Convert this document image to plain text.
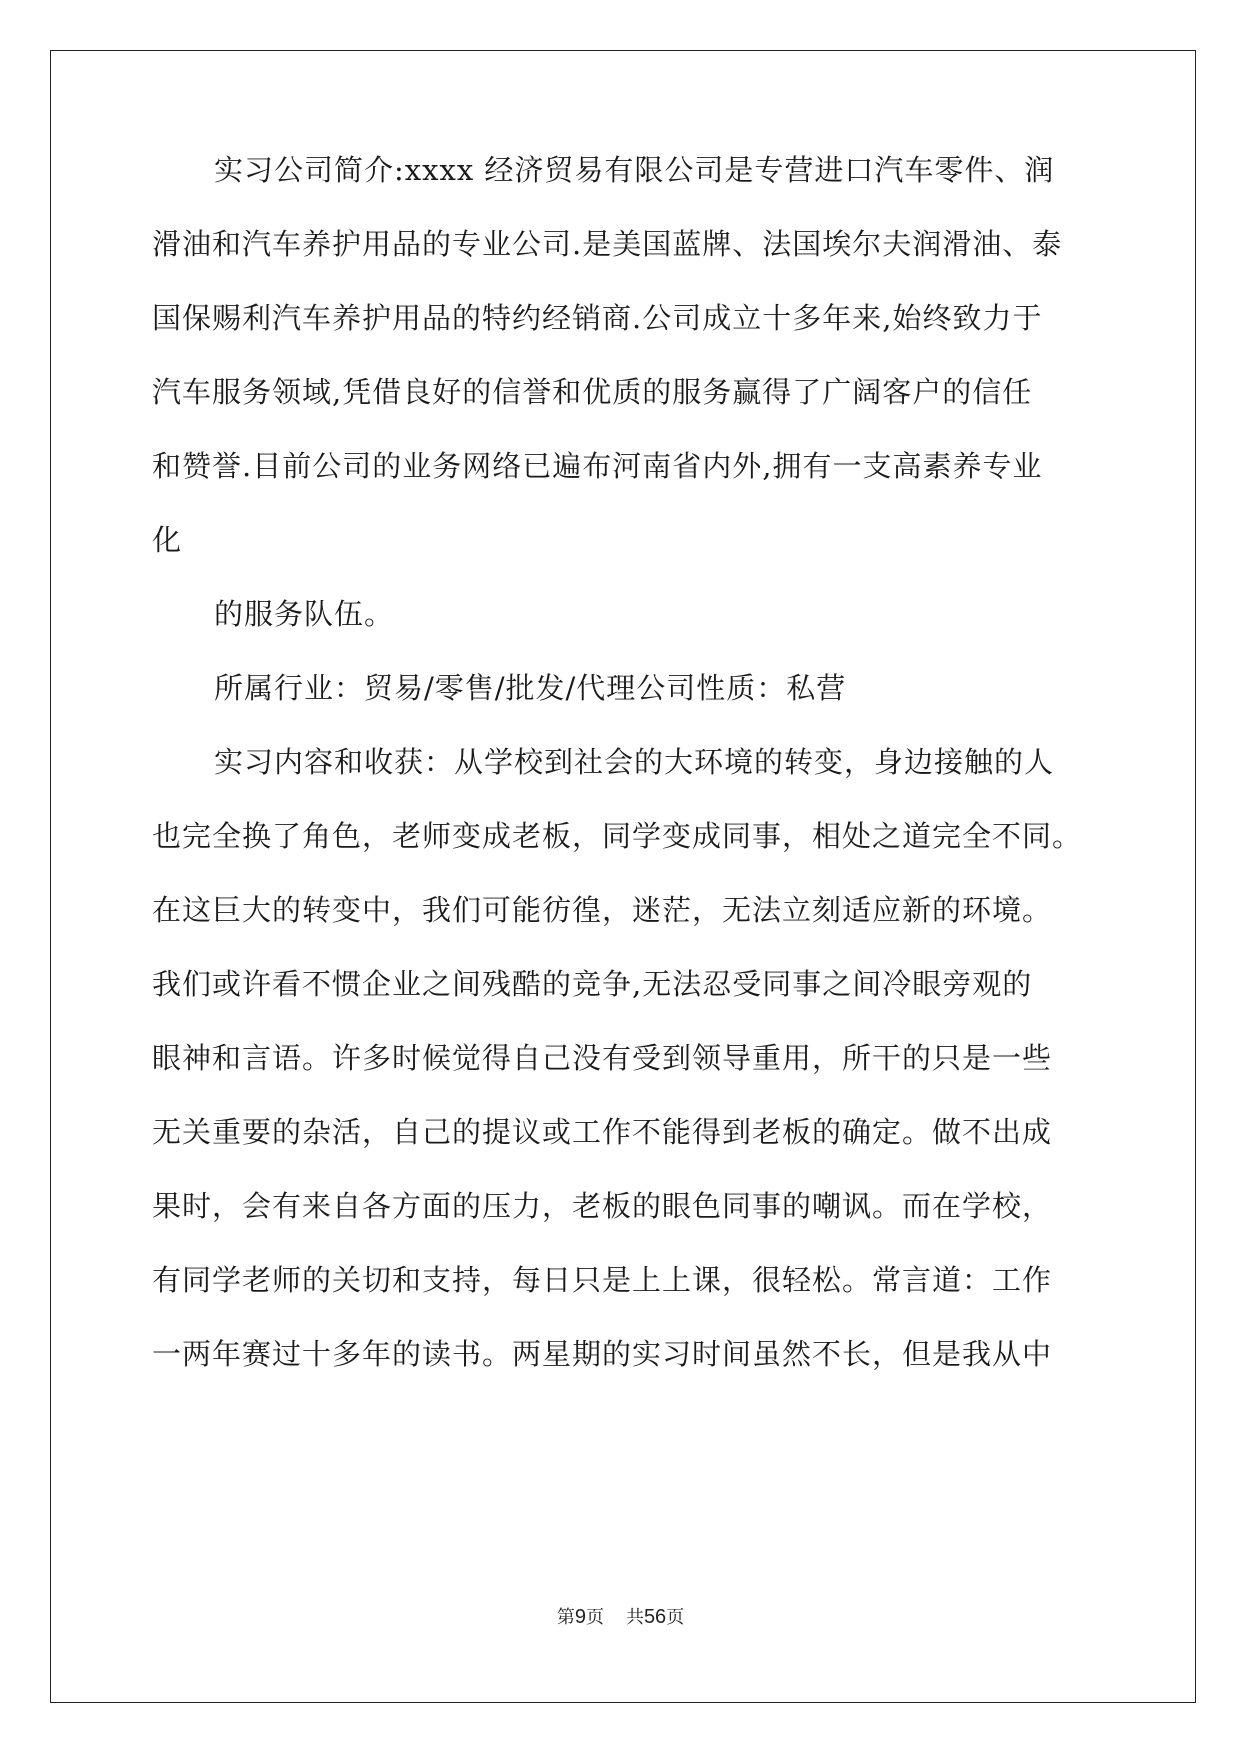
实习公司简介:xxxx 经济贸易有限公司是专营进口汽车零件、润
滑油和汽车养护用品的专业公司.是美国蓝牌、法国埃尔夫润滑油、泰
国保赐利汽车养护用品的特约经销商.公司成立十多年来,始终致力于
汽车服务领域,凭借良好的信誉和优质的服务赢得了广阔客户的信任
和赞誉.目前公司的业务网络已遍布河南省内外,拥有一支高素养专业
化
的服务队伍。
所属行业：贸易/零售/批发/代理公司性质：私营
实习内容和收获：从学校到社会的大环境的转变，身边接触的人
也完全换了角色，老师变成老板，同学变成同事，相处之道完全不同。
在这巨大的转变中，我们可能彷徨，迷茫，无法立刻适应新的环境。
我们或许看不惯企业之间残酷的竞争,无法忍受同事之间冷眼旁观的
眼神和言语。许多时候觉得自己没有受到领导重用，所干的只是一些
无关重要的杂活，自己的提议或工作不能得到老板的确定。做不出成
果时，会有来自各方面的压力，老板的眼色同事的嘲讽。而在学校，
有同学老师的关切和支持，每日只是上上课，很轻松。常言道：工作
一两年赛过十多年的读书。两星期的实习时间虽然不长，但是我从中
第9页 共56页
